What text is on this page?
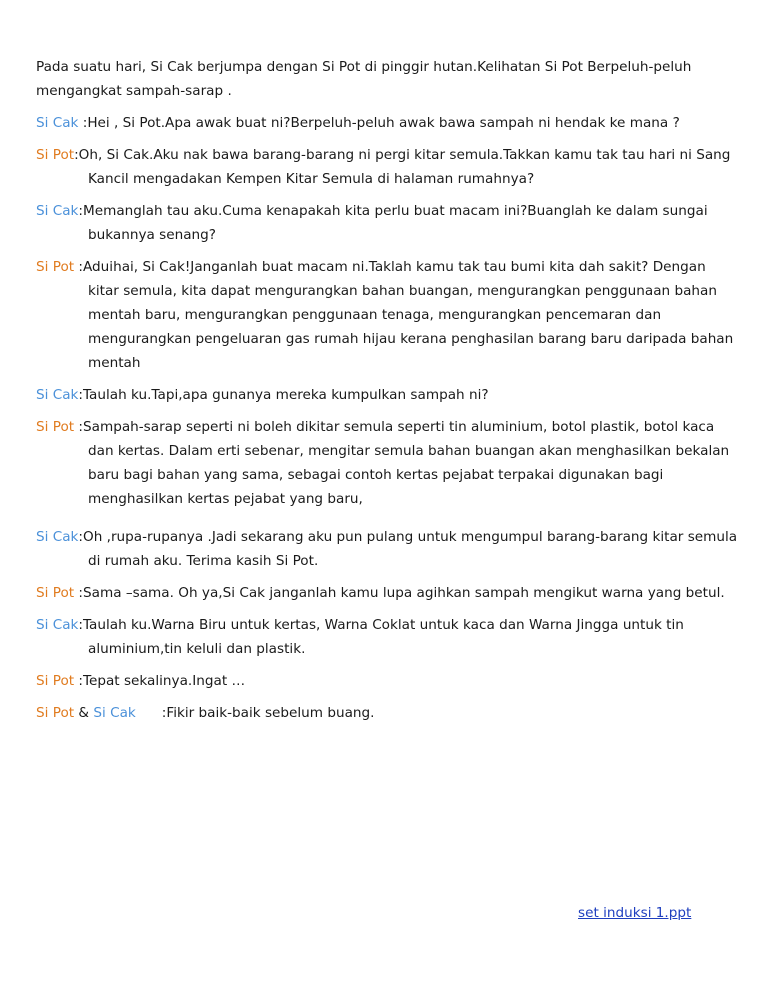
Pada suatu hari, Si Cak berjumpa dengan Si Pot di pinggir hutan.Kelihatan Si Pot Berpeluh-peluh mengangkat sampah-sarap .

Si Cak :Hei , Si Pot.Apa awak buat ni?Berpeluh-peluh awak bawa sampah ni hendak ke mana ?

Si Pot:Oh, Si Cak.Aku nak bawa barang-barang ni pergi kitar semula.Takkan kamu tak tau hari ni Sang Kancil mengadakan Kempen Kitar Semula di halaman rumahnya?

Si Cak:Memanglah tau aku.Cuma kenapakah kita perlu buat macam ini?Buanglah ke dalam sungai bukannya senang?

Si Pot :Aduihai, Si Cak!Janganlah buat macam ni.Taklah kamu tak tau bumi kita dah sakit? Dengan kitar semula, kita dapat mengurangkan bahan buangan, mengurangkan penggunaan bahan mentah baru, mengurangkan penggunaan tenaga, mengurangkan pencemaran dan mengurangkan pengeluaran gas rumah hijau kerana penghasilan barang baru daripada bahan mentah

Si Cak:Taulah ku.Tapi,apa gunanya mereka kumpulkan sampah ni?

Si Pot :Sampah-sarap seperti ni boleh dikitar semula seperti tin aluminium, botol plastik, botol kaca dan kertas. Dalam erti sebenar, mengitar semula bahan buangan akan menghasilkan bekalan baru bagi bahan yang sama, sebagai contoh kertas pejabat terpakai digunakan bagi menghasilkan kertas pejabat yang baru,

Si Cak:Oh ,rupa-rupanya .Jadi sekarang aku pun pulang untuk mengumpul barang-barang kitar semula di rumah aku. Terima kasih Si Pot.

Si Pot :Sama –sama. Oh ya,Si Cak janganlah kamu lupa agihkan sampah mengikut warna yang betul.

Si Cak:Taulah ku.Warna Biru untuk kertas, Warna Coklat untuk kaca dan Warna Jingga untuk tin aluminium,tin keluli dan plastik.

Si Pot :Tepat sekalinya.Ingat …

Si Pot & Si Cak :Fikir baik-baik sebelum buang.

set induksi 1.ppt
